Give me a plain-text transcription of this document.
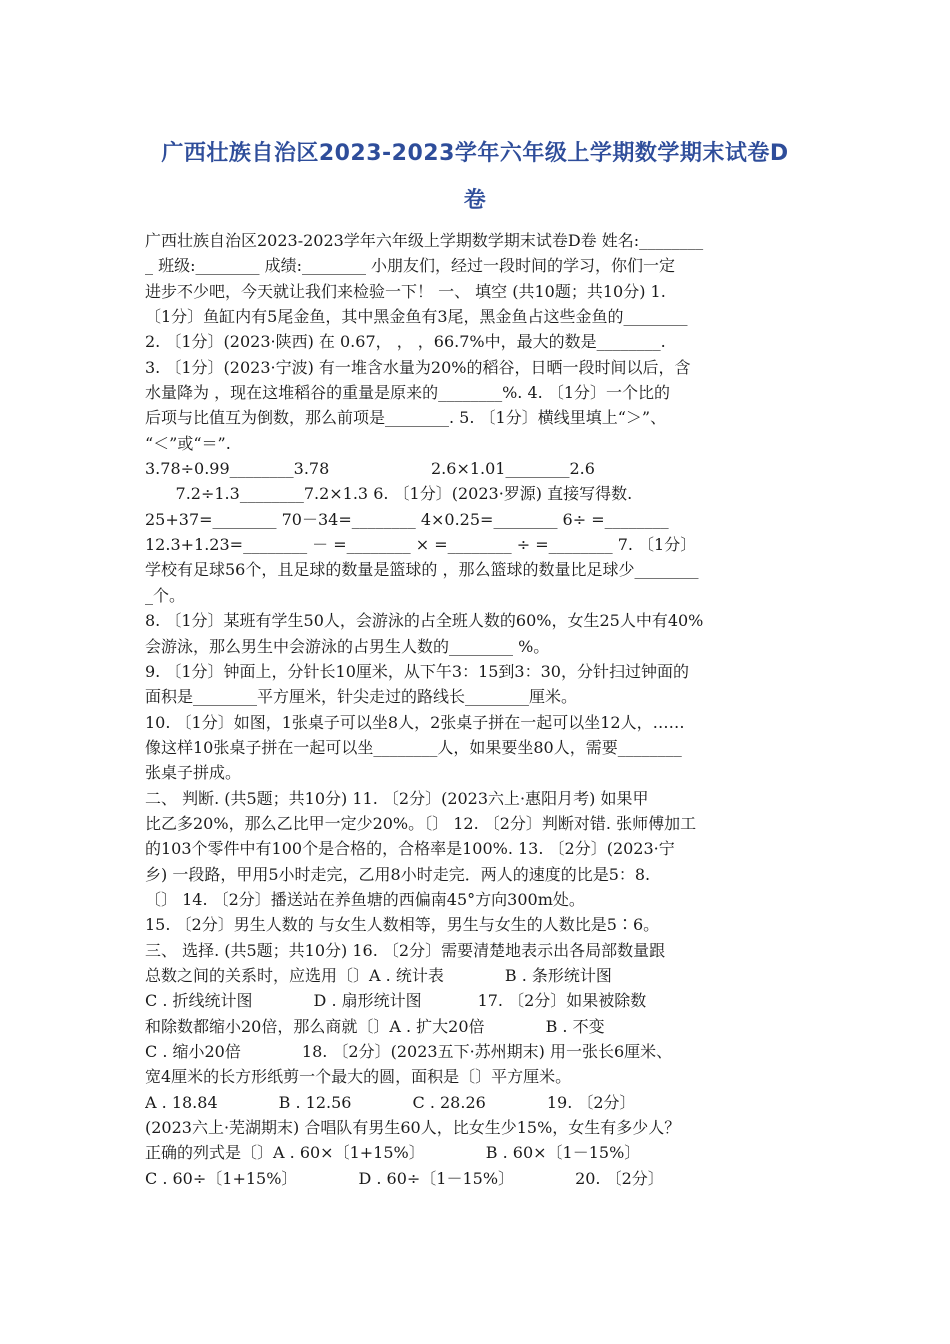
广西壮族自治区2023-2023学年六年级上学期数学期末试卷D
卷
广西壮族自治区2023-2023学年六年级上学期数学期末试卷D卷 姓名:________
_ 班级:________ 成绩:________ 小朋友们，经过一段时间的学习，你们一定
进步不少吧，今天就让我们来检验一下！ 一、 填空 (共10题；共10分) 1.
〔1分〕鱼缸内有5尾金鱼，其中黑金鱼有3尾，黑金鱼占这些金鱼的________
2. 〔1分〕(2023·陕西) 在 0.67， ， ，66.7%中，最大的数是________.
3. 〔1分〕(2023·宁波) 有一堆含水量为20%的稻谷，日晒一段时间以后，含
水量降为 ，现在这堆稻谷的重量是原来的________%. 4. 〔1分〕一个比的
后项与比值互为倒数，那么前项是________. 5. 〔1分〕横线里填上“＞”、
“＜”或“＝”.
3.78÷0.99________3.78                    2.6×1.01________2.6
7.2÷1.3________7.2×1.3 6. 〔1分〕(2023·罗源) 直接写得数.
25+37=________ 70－34=________ 4×0.25=________ 6÷ =________
12.3+1.23=________ － =________ × =________ ÷ =________ 7. 〔1分〕
学校有足球56个，且足球的数量是篮球的 ，那么篮球的数量比足球少________
_个。
8. 〔1分〕某班有学生50人，会游泳的占全班人数的60%，女生25人中有40%
会游泳，那么男生中会游泳的占男生人数的________ %。
9. 〔1分〕钟面上，分针长10厘米，从下午3：15到3：30，分针扫过钟面的
面积是________平方厘米，针尖走过的路线长________厘米。
10. 〔1分〕如图，1张桌子可以坐8人，2张桌子拼在一起可以坐12人，……
像这样10张桌子拼在一起可以坐________人，如果要坐80人，需要________
张桌子拼成。
二、 判断. (共5题；共10分) 11. 〔2分〕(2023六上·惠阳月考) 如果甲
比乙多20%，那么乙比甲一定少20%。〔〕 12. 〔2分〕判断对错. 张师傅加工
的103个零件中有100个是合格的，合格率是100%. 13. 〔2分〕(2023·宁
乡) 一段路，甲用5小时走完，乙用8小时走完．两人的速度的比是5：8.
〔〕 14. 〔2分〕播送站在养鱼塘的西偏南45°方向300m处。
15. 〔2分〕男生人数的 与女生人数相等，男生与女生的人数比是5∶6。
三、 选择. (共5题；共10分) 16. 〔2分〕需要清楚地表示出各局部数量跟
总数之间的关系时，应选用〔〕A . 统计表            B . 条形统计图
C . 折线统计图            D . 扇形统计图           17. 〔2分〕如果被除数
和除数都缩小20倍，那么商就〔〕A . 扩大20倍            B . 不变
C . 缩小20倍            18. 〔2分〕(2023五下·苏州期末) 用一张长6厘米、
宽4厘米的长方形纸剪一个最大的圆，面积是〔〕平方厘米。
A . 18.84            B . 12.56            C . 28.26            19. 〔2分〕
(2023六上·芜湖期末) 合唱队有男生60人，比女生少15%，女生有多少人？
正确的列式是〔〕A . 60×〔1+15%〕            B . 60×〔1－15%〕
C . 60÷〔1+15%〕            D . 60÷〔1－15%〕            20. 〔2分〕
